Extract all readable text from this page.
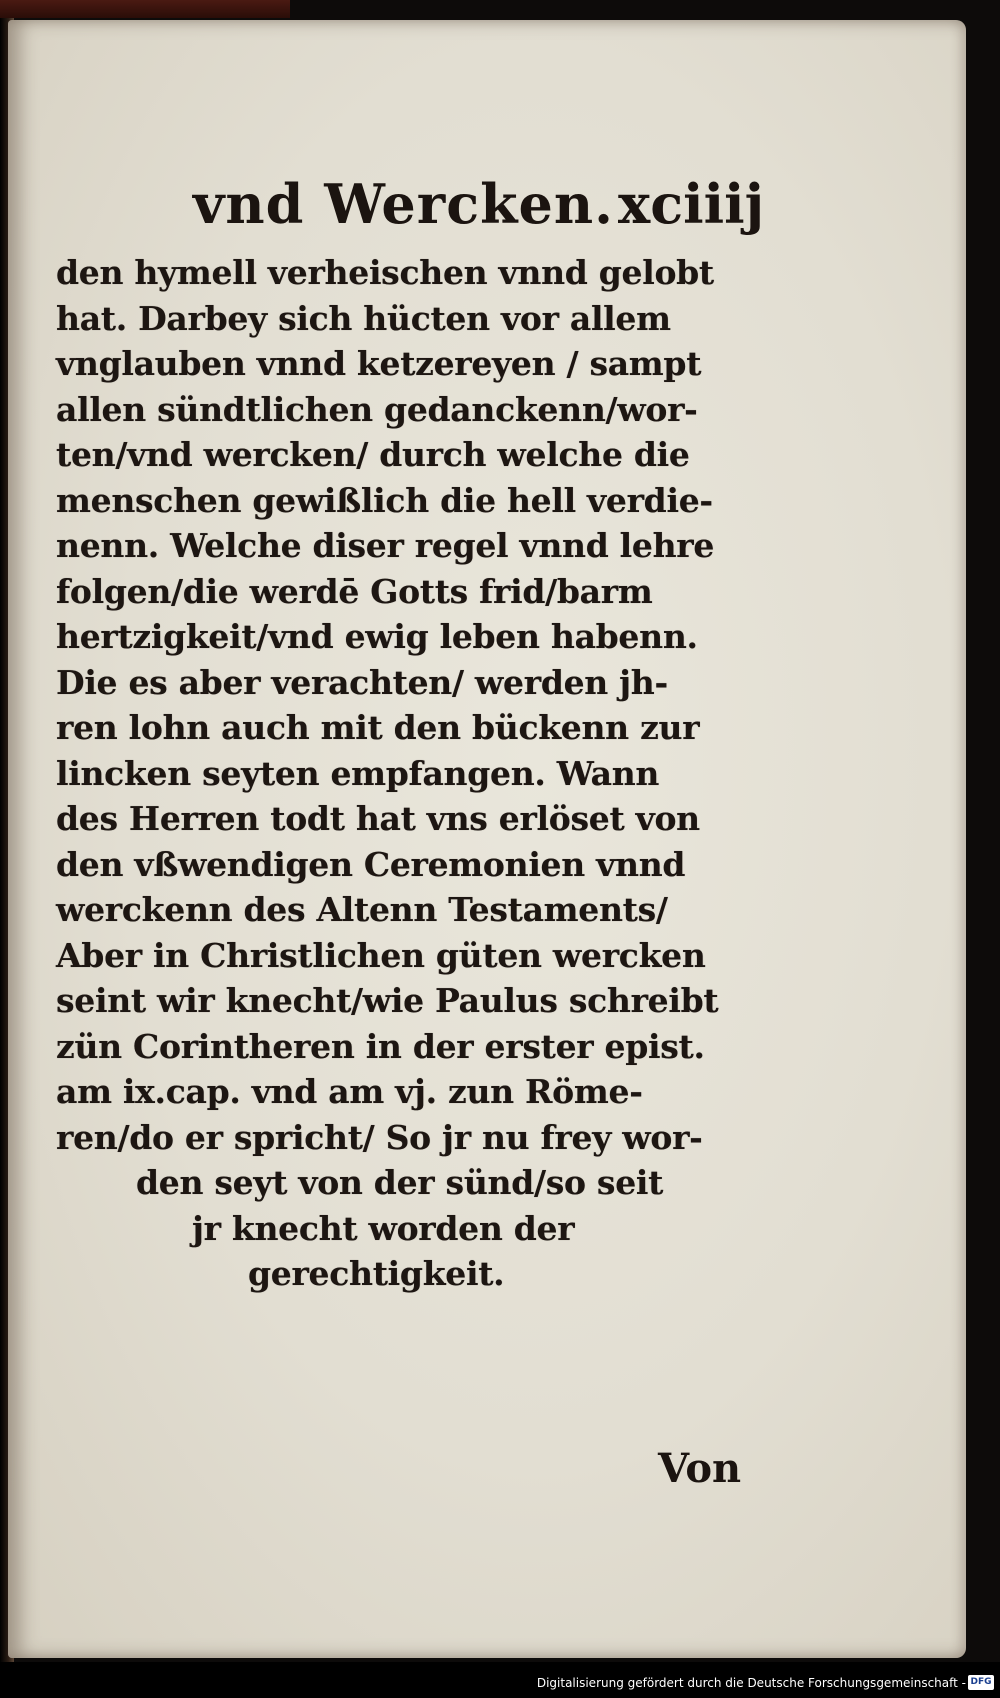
vnd Wercken. xciiij
den hymell verheischen vnnd gelobt
hat. Darbey sich hücten vor allem
vnglauben vnnd ketzereyen / sampt
allen sündtlichen gedanckenn/wor-
ten/vnd wercken/ durch welche die
menschen gewißlich die hell verdie-
nenn. Welche diser regel vnnd lehre
folgen/die werdē Gotts frid/barm
hertzigkeit/vnd ewig leben habenn.
Die es aber verachten/ werden jh-
ren lohn auch mit den bückenn zur
lincken seyten empfangen. Wann
des Herren todt hat vns erlöset von
den vßwendigen Ceremonien vnnd
werckenn des Altenn Testaments/
Aber in Christlichen güten wercken
seint wir knecht/wie Paulus schreibt
zün Corintheren in der erster epist.
am ix.cap. vnd am vj. zun Röme-
ren/do er spricht/ So jr nu frey wor-
den seyt von der sünd/so seit
jr knecht worden der
gerechtigkeit.
Von
Digitalisierung gefördert durch die Deutsche Forschungsgemeinschaft - DFG
